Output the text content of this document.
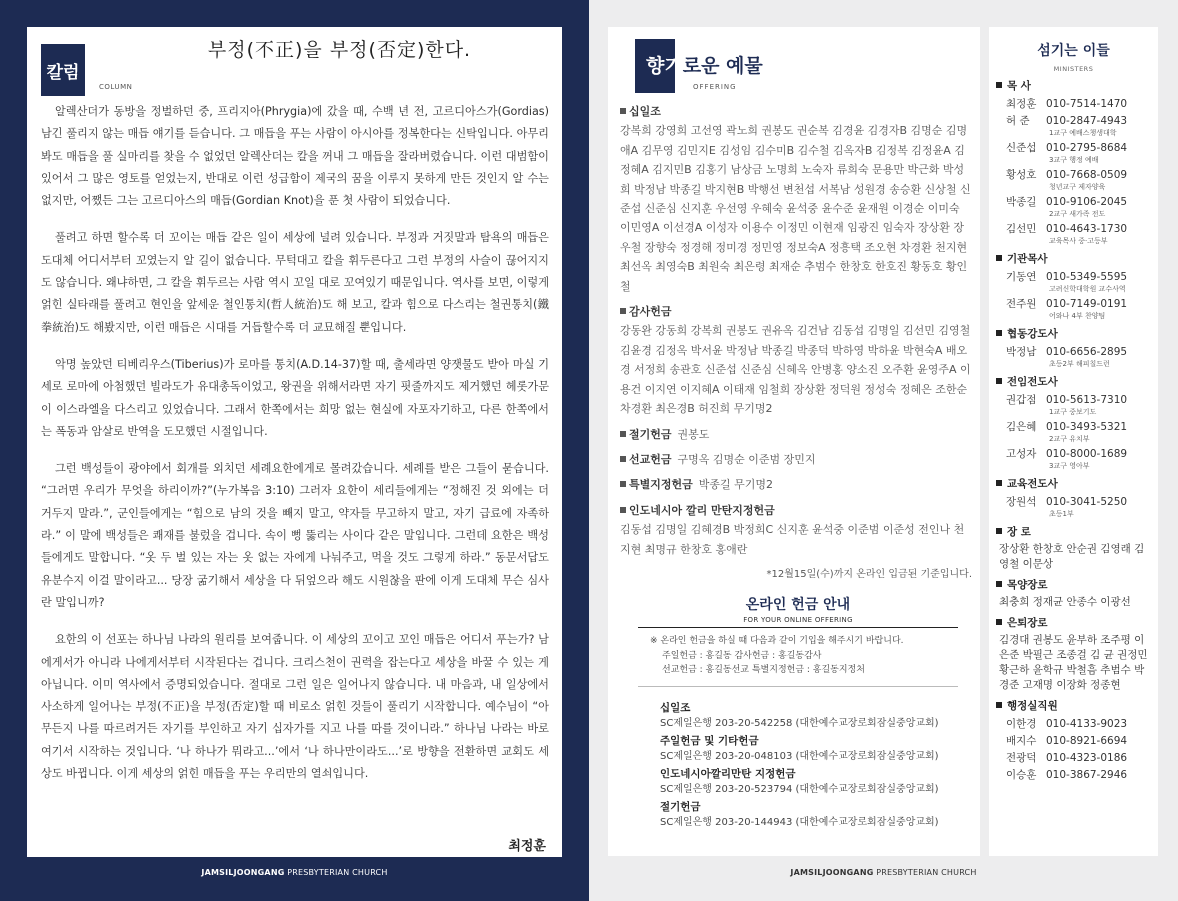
칼럼
COLUMN
부정(不正)을 부정(否定)한다.

알렉산더가 동방을 정벌하던 중, 프리지아(Phrygia)에 갔을 때, 수백 년 전, 고르디아스가(Gordias) 남긴 풀리지 않는 매듭 얘기를 듣습니다. 그 매듭을 푸는 사람이 아시아를 정복한다는 신탁입니다. 아무리 봐도 매듭을 풀 실마리를 찾을 수 없었던 알렉산더는 칼을 꺼내 그 매듭을 잘라버렸습니다. 이런 대범함이 있어서 그 많은 영토를 얻었는지, 반대로 이런 성급함이 제국의 꿈을 이루지 못하게 만든 것인지 알 수는 없지만, 어쨌든 그는 고르디아스의 매듭(Gordian Knot)을 푼 첫 사람이 되었습니다.

풀려고 하면 할수록 더 꼬이는 매듭 같은 일이 세상에 널려 있습니다. 부정과 거짓말과 탐욕의 매듭은 도대체 어디서부터 꼬였는지 알 길이 없습니다. 무턱대고 칼을 휘두른다고 그런 부정의 사슬이 끊어지지도 않습니다. 왜냐하면, 그 칼을 휘두르는 사람 역시 꼬일 대로 꼬여있기 때문입니다. 역사를 보면, 이렇게 얽힌 실타래를 풀려고 현인을 앞세운 철인통치(哲人統治)도 해 보고, 칼과 힘으로 다스리는 철권통치(鐵拳統治)도 해봤지만, 이런 매듭은 시대를 거듭할수록 더 교묘해질 뿐입니다.

악명 높았던 티베리우스(Tiberius)가 로마를 통치(A.D.14-37)할 때, 출세라면 양잿물도 받아 마실 기세로 로마에 아첨했던 빌라도가 유대총독이었고, 왕권을 위해서라면 자기 핏줄까지도 제거했던 헤롯가문이 이스라엘을 다스리고 있었습니다. 그래서 한쪽에서는 희망 없는 현실에 자포자기하고, 다른 한쪽에서는 폭동과 암살로 반역을 도모했던 시절입니다.

그런 백성들이 광야에서 회개를 외치던 세례요한에게로 몰려갔습니다. 세례를 받은 그들이 묻습니다. “그러면 우리가 무엇을 하리이까?”(누가복음 3:10) 그러자 요한이 세리들에게는 “정해진 것 외에는 더 거두지 말라.”, 군인들에게는 “힘으로 남의 것을 빼지 말고, 약자들 무고하지 말고, 자기 급료에 자족하라.” 이 말에 백성들은 쾌재를 불렀을 겁니다. 속이 뻥 뚫리는 사이다 같은 말입니다. 그런데 요한은 백성들에게도 말합니다. “옷 두 벌 있는 자는 옷 없는 자에게 나눠주고, 먹을 것도 그렇게 하라.” 동문서답도 유분수지 이걸 말이라고... 당장 굶기해서 세상을 다 뒤엎으라 해도 시원찮을 판에 이게 도대체 무슨 심사란 말입니까?

요한의 이 선포는 하나님 나라의 원리를 보여줍니다. 이 세상의 꼬이고 꼬인 매듭은 어디서 푸는가? 남에게서가 아니라 나에게서부터 시작된다는 겁니다. 크리스천이 권력을 잡는다고 세상을 바꿀 수 있는 게 아닙니다. 이미 역사에서 증명되었습니다. 절대로 그런 일은 일어나지 않습니다. 내 마음과, 내 일상에서 사소하게 일어나는 부정(不正)을 부정(否定)할 때 비로소 얽힌 것들이 풀리기 시작합니다. 예수님이 “아무든지 나를 따르려거든 자기를 부인하고 자기 십자가를 지고 나를 따를 것이니라.” 하나님 나라는 바로 여기서 시작하는 것입니다. ‘나 하나가 뭐라고...’에서 ‘나 하나만이라도...’로 방향을 전환하면 교회도 세상도 바뀝니다. 이게 세상의 얽힌 매듭을 푸는 우리만의 열쇠입니다.

최정훈
JAMSILJOONGANG PRESBYTERIAN CHURCH
향기로운 예물
OFFERING
십일조
강복희 강영희 고선영 곽노희 권봉도 권순복 김경윤 김경자B 김명순 김명애A 김무영 김민지E 김성임 김수미B 김수철 김옥자B 김정복 김정윤A 김정혜A 김지민B 김홍기 남상금 노명희 노숙자 류희숙 문용만 박근화 박성희 박정남 박종길 박지현B 박행선 변천섭 서복남 성원경 송승환 신상철 신준섭 신준심 신지훈 우선영 우혜숙 윤석중 윤수준 윤재원 이경순 이미숙 이민영A 이선경A 이성자 이용수 이정민 이현재 임광진 임숙자 장상환 장우철 장향숙 정경해 정미경 정민영 정보숙A 정흥택 조오현 차경환 천지현 최선옥 최영숙B 최원숙 최은령 최재순 추범수 한창호 한호진 황동호 황인철
감사헌금
강동완 강동희 강복희 권봉도 권유옥 김건남 김동섭 김명일 김선민 김영철 김윤경 김정옥 박서윤 박정남 박종길 박종덕 박하영 박하윤 박현숙A 배오경 서정희 송관호 신준섭 신준심 신혜옥 안병홍 양소진 오주환 윤영주A 이용건 이지연 이지혜A 이태재 임철희 장상환 정덕원 정성숙 정혜은 조한순 차경환 최은경B 허진희 무기명2
절기헌금 권봉도
선교헌금 구명옥 김명순 이준범 장민지
특별지정헌금 박종길 무기명2
인도네시아 깔리 만탄지정헌금
김동섭 김명일 김혜경B 박정희C 신지훈 윤석중 이준범 이준성 전인나 천지현 최명규 한창호 홍애란
*12월15일(수)까지 온라인 입금된 기준입니다.
온라인 헌금 안내
FOR YOUR ONLINE OFFERING
※ 온라인 헌금을 하실 때 다음과 같이 기입을 해주시기 바랍니다.
주일헌금 : 홍길동 감사헌금 : 홍길동감사
선교헌금 : 홍길동선교 특별지정헌금 : 홍길동지정처
십일조
SC제일은행 203-20-542258 (대한예수교장로회잠실중앙교회)
주일헌금 및 기타헌금
SC제일은행 203-20-048103 (대한예수교장로회잠실중앙교회)
인도네시아깔리만탄 지정헌금
SC제일은행 203-20-523794 (대한예수교장로회잠실중앙교회)
절기헌금
SC제일은행 203-20-144943 (대한예수교장로회잠실중앙교회)
섬기는 이들
MINISTERS
목 사
최정훈 010-7514-1470
허 준	010-2847-4943
1교구 예배스챙생대학
신준섭 010-2795-8684
3교구 행정 예배
황성호 010-7668-0509
청년교구 제자양육
박종길 010-9106-2045
2교구 새가족 전도
김선민 010-4643-1730
교육목사 중·고등부
기관목사
기동연 010-5349-5595
고려신학대학원 교수사역
전주원 010-7149-0191
어와나 4부 찬양팀
협동강도사
박정남 010-6656-2895
초등2부 해피칠드런
전임전도사
권갑점 010-5613-7310
1교구 중보기도
김은혜 010-3493-5321
2교구 유치부
고성자 010-8000-1689
3교구 영아부
교육전도사
장원석 010-3041-5250
초등1부
장 로
장상환 한창호 안순권 김영래 김영철 이문상
목양장로
최충희 정재균 안종수 이광선
은퇴장로
김경대 권봉도 윤부하 조주평 이은준 박필근 조종걸 김 균 권정민 황근하 윤학규 박철흠 추범수 박경준 고재명 이장화 정종현
행정실직원
이한경 010-4133-9023
배지수 010-8921-6694
전광덕 010-4323-0186
이승훈 010-3867-2946
JAMSILJOONGANG PRESBYTERIAN CHURCH
